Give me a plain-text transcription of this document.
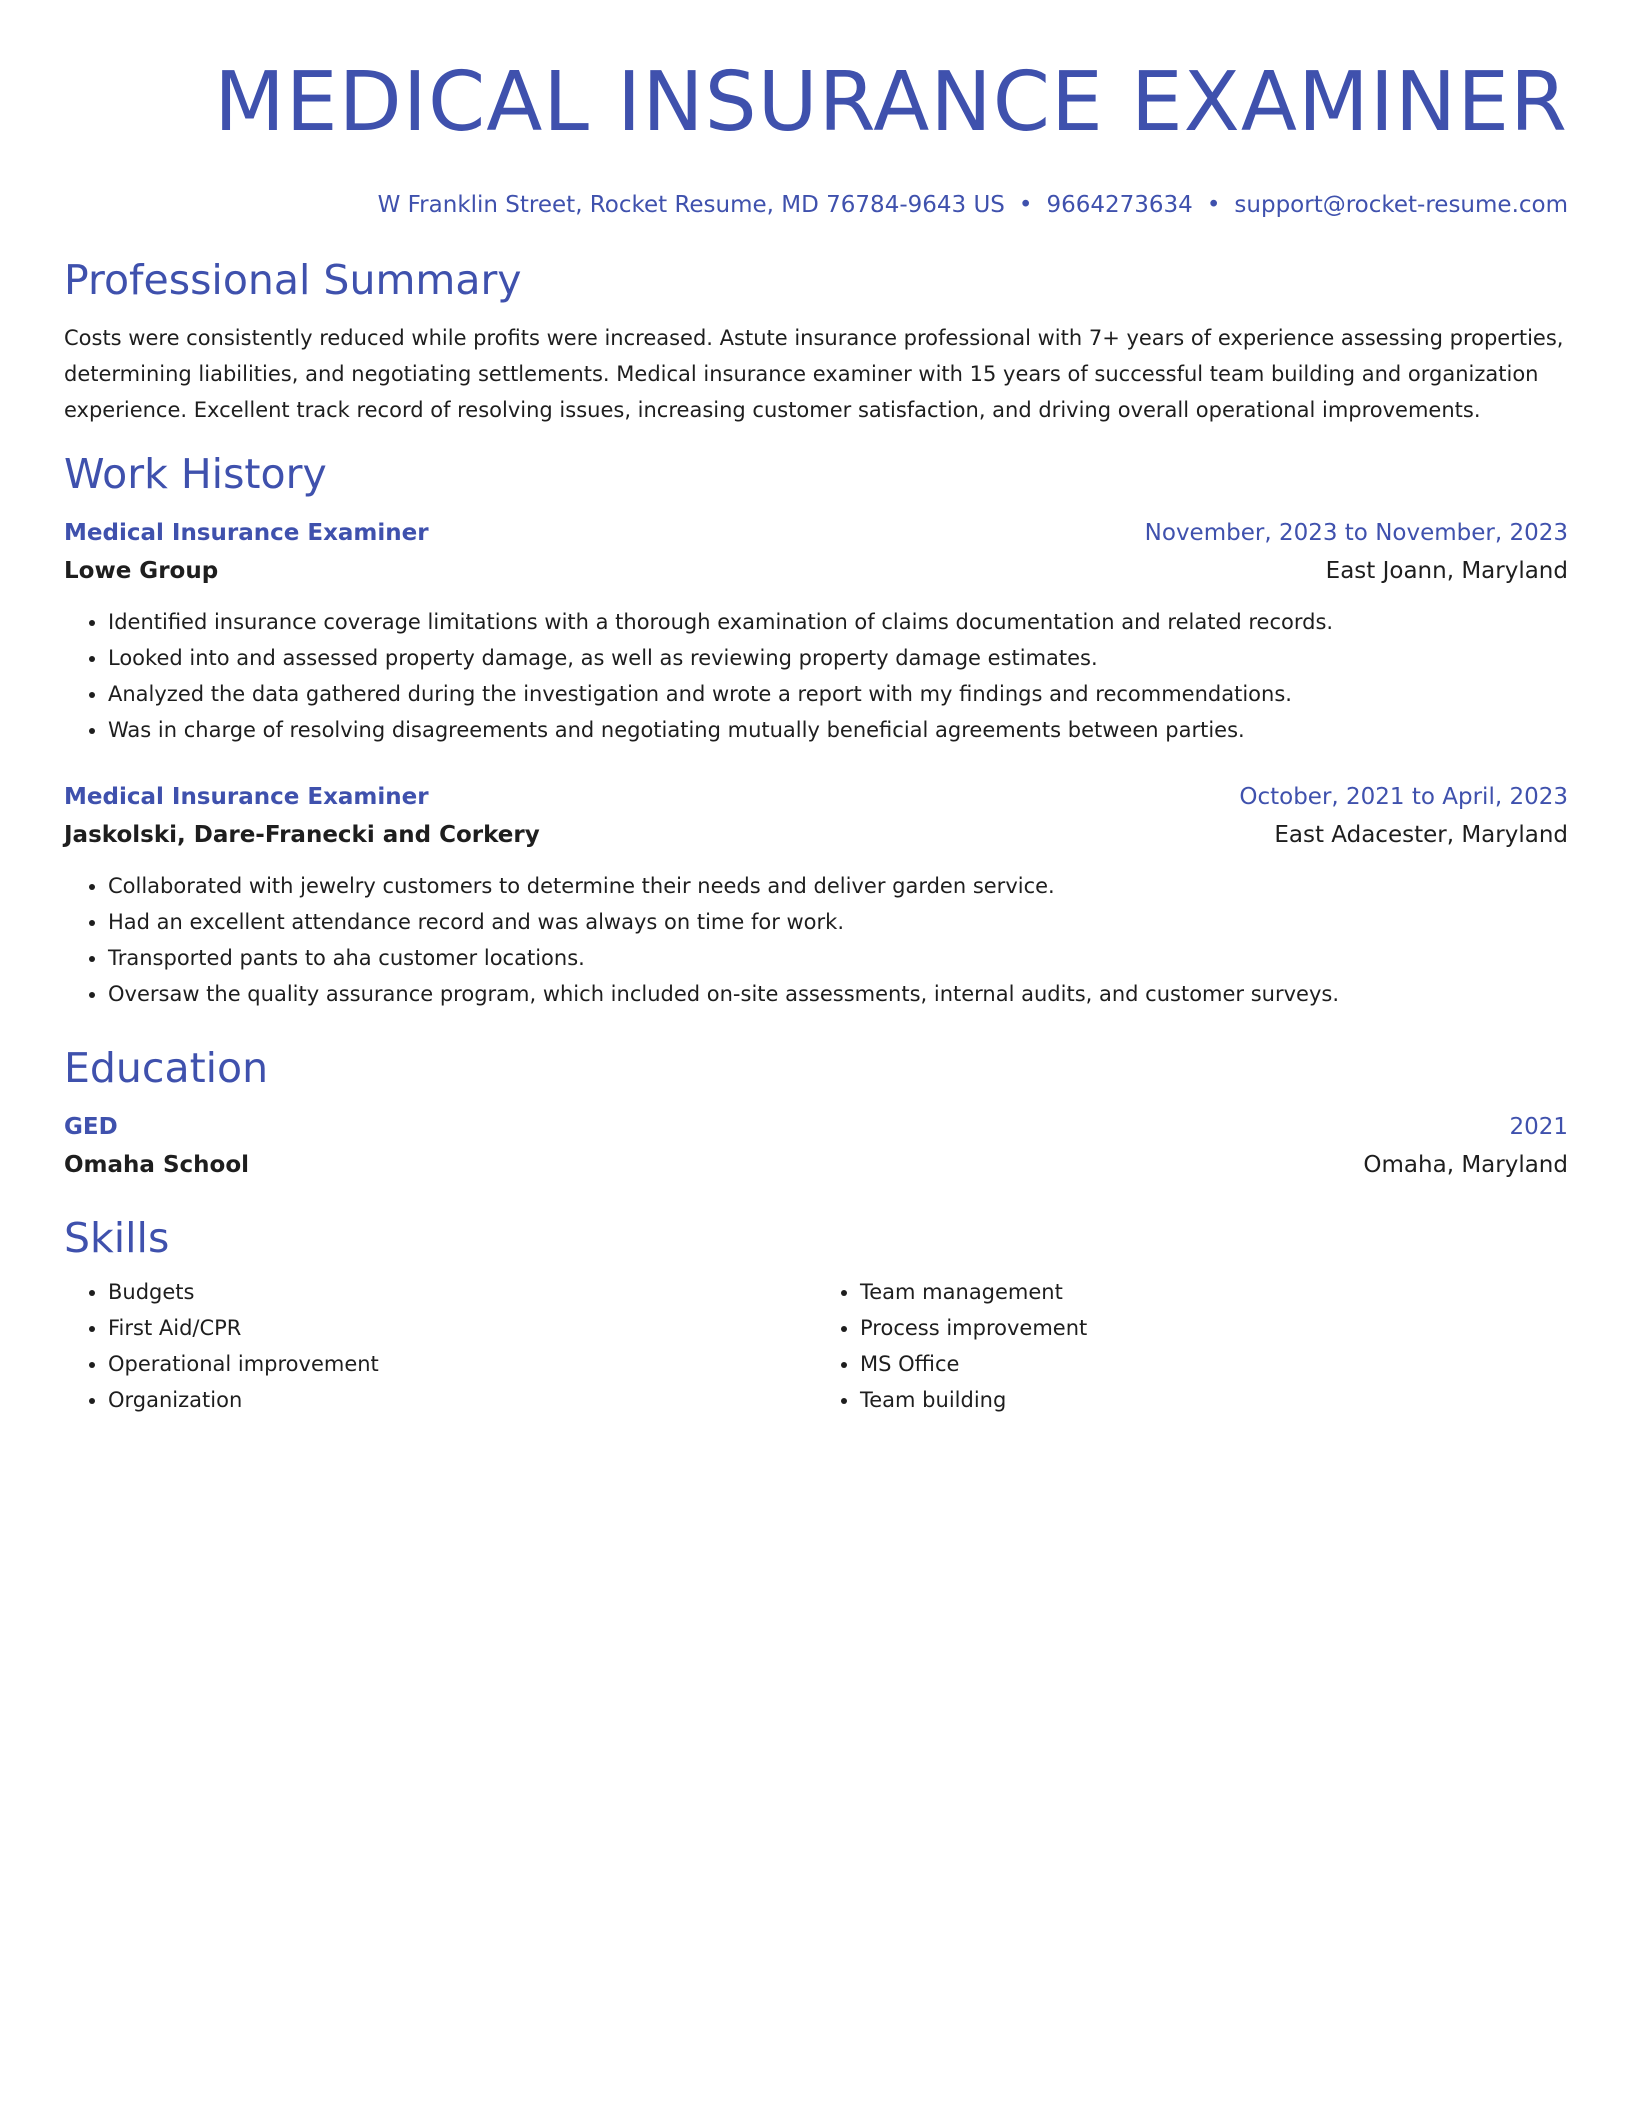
MEDICAL INSURANCE EXAMINER
W Franklin Street, Rocket Resume, MD 76784-9643 US • 9664273634 • support@rocket-resume.com
Professional Summary
Costs were consistently reduced while profits were increased. Astute insurance professional with 7+ years of experience assessing properties, determining liabilities, and negotiating settlements. Medical insurance examiner with 15 years of successful team building and organization experience. Excellent track record of resolving issues, increasing customer satisfaction, and driving overall operational improvements.
Work History
Medical Insurance Examiner	November, 2023 to November, 2023
Lowe Group	East Joann, Maryland
• Identified insurance coverage limitations with a thorough examination of claims documentation and related records.
• Looked into and assessed property damage, as well as reviewing property damage estimates.
• Analyzed the data gathered during the investigation and wrote a report with my findings and recommendations.
• Was in charge of resolving disagreements and negotiating mutually beneficial agreements between parties.
Medical Insurance Examiner	October, 2021 to April, 2023
Jaskolski, Dare-Franecki and Corkery	East Adacester, Maryland
• Collaborated with jewelry customers to determine their needs and deliver garden service.
• Had an excellent attendance record and was always on time for work.
• Transported pants to aha customer locations.
• Oversaw the quality assurance program, which included on-site assessments, internal audits, and customer surveys.
Education
GED	2021
Omaha School	Omaha, Maryland
Skills
• Budgets
• First Aid/CPR
• Operational improvement
• Organization
• Team management
• Process improvement
• MS Office
• Team building
